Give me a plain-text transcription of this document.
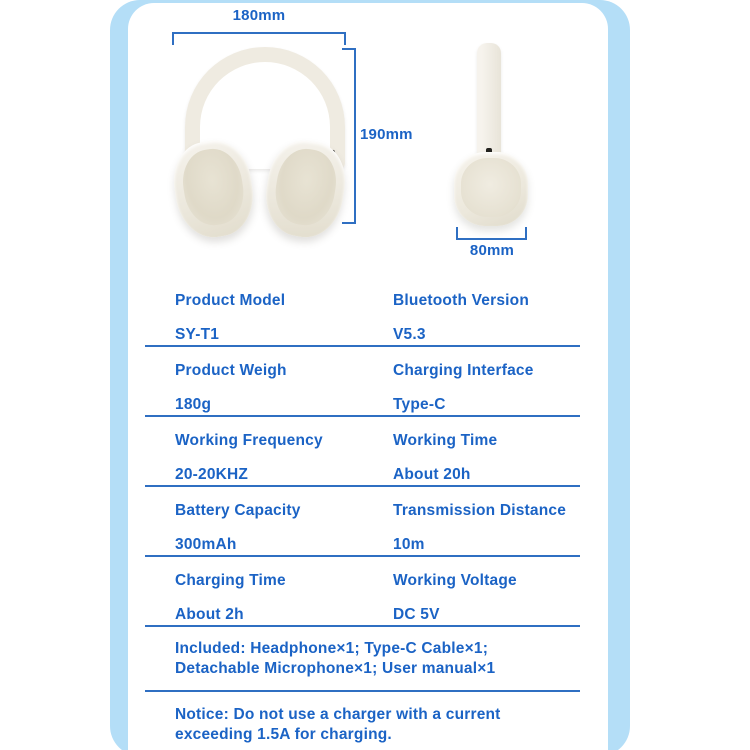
180mm
190mm
80mm
Product Model
SY-T1
Bluetooth Version
V5.3
Product Weigh
180g
Charging Interface
Type-C
Working Frequency
20-20KHZ
Working Time
About 20h
Battery Capacity
300mAh
Transmission Distance
10m
Charging Time
About 2h
Working Voltage
DC 5V
Included: Headphone×1; Type-C Cable×1;
Detachable Microphone×1; User manual×1
Notice: Do not use a charger with a current
exceeding 1.5A for charging.
